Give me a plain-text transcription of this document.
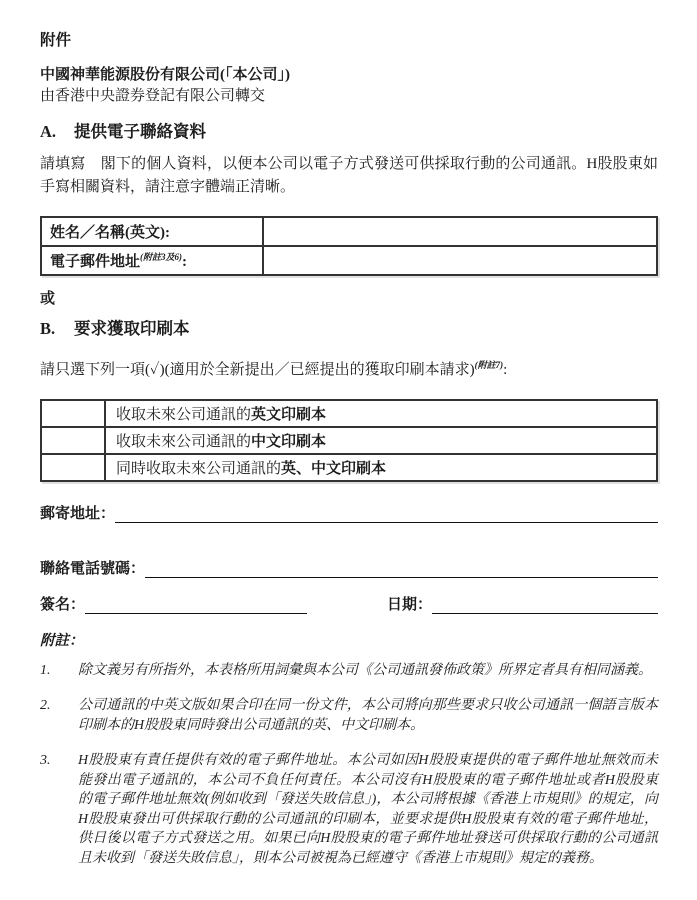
附件
中國神華能源股份有限公司(「本公司」)
由香港中央證券登記有限公司轉交
A. 提供電子聯絡資料

請填寫　閣下的個人資料，以便本公司以電子方式發送可供採取行動的公司通訊。H股股東如手寫相關資料，請注意字體端正清晰。

姓名／名稱(英文):	
電子郵件地址$^{(附註3及6)}$:	
或
B. 要求獲取印刷本
請只選下列一項(✓)(適用於全新提出／已經提出的獲取印刷本請求)$^{(附註7)}$:
	收取未來公司通訊的英文印刷本
	收取未來公司通訊的中文印刷本
	同時收取未來公司通訊的英、中文印刷本
郵寄地址：
聯絡電話號碼：
簽名：	日期：
附註：
1.	除文義另有所指外，本表格所用詞彙與本公司《公司通訊發佈政策》所界定者具有相同涵義。
2.	公司通訊的中英文版如果合印在同一份文件，本公司將向那些要求只收公司通訊一個語言版本印刷本的H股股東同時發出公司通訊的英、中文印刷本。
3.	H股股東有責任提供有效的電子郵件地址。本公司如因H股股東提供的電子郵件地址無效而未能發出電子通訊的，本公司不負任何責任。本公司沒有H股股東的電子郵件地址或者H股股東的電子郵件地址無效(例如收到「發送失敗信息」)，本公司將根據《香港上市規則》的規定，向H股股東發出可供採取行動的公司通訊的印刷本，並要求提供H股股東有效的電子郵件地址，供日後以電子方式發送之用。如果已向H股股東的電子郵件地址發送可供採取行動的公司通訊且未收到「發送失敗信息」，則本公司被視為已經遵守《香港上市規則》規定的義務。
